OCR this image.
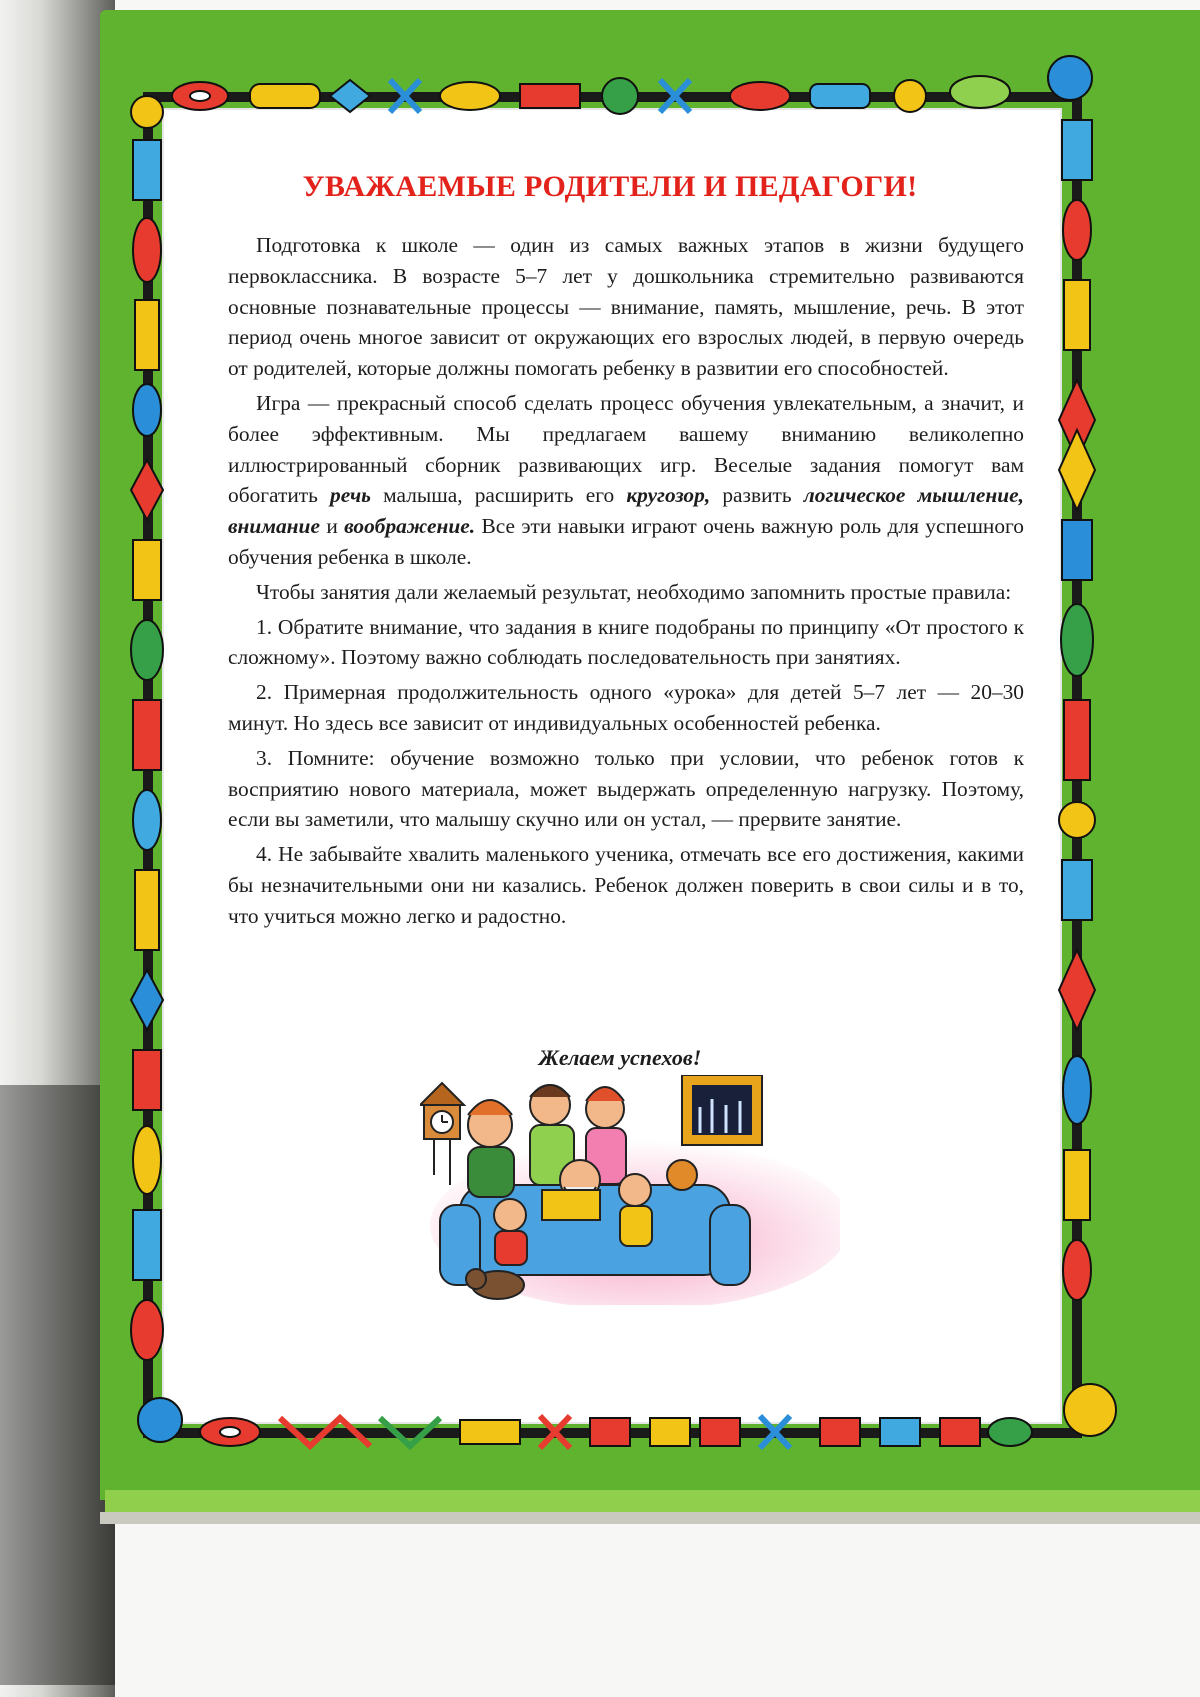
УВАЖАЕМЫЕ РОДИТЕЛИ И ПЕДАГОГИ!

Подготовка к школе — один из самых важных этапов в жизни будущего первоклассника. В возрасте 5–7 лет у дошкольника стремительно развиваются основные познавательные процессы — внимание, память, мышление, речь. В этот период очень многое зависит от окружающих его взрослых людей, в первую очередь от родителей, которые должны помогать ребенку в развитии его способностей.

Игра — прекрасный способ сделать процесс обучения увлекательным, а значит, и более эффективным. Мы предлагаем вашему вниманию великолепно иллюстрированный сборник развивающих игр. Веселые задания помогут вам обогатить речь малыша, расширить его кругозор, развить логическое мышление, внимание и воображение. Все эти навыки играют очень важную роль для успешного обучения ребенка в школе.

Чтобы занятия дали желаемый результат, необходимо запомнить простые правила:

1. Обратите внимание, что задания в книге подобраны по принципу «От простого к сложному». Поэтому важно соблюдать последовательность при занятиях.

2. Примерная продолжительность одного «урока» для детей 5–7 лет — 20–30 минут. Но здесь все зависит от индивидуальных особенностей ребенка.

3. Помните: обучение возможно только при условии, что ребенок готов к восприятию нового материала, может выдержать определенную нагрузку. Поэтому, если вы заметили, что малышу скучно или он устал, — прервите занятие.

4. Не забывайте хвалить маленького ученика, отмечать все его достижения, какими бы незначительными они ни казались. Ребенок должен поверить в свои силы и в то, что учиться можно легко и радостно.

Желаем успехов!
